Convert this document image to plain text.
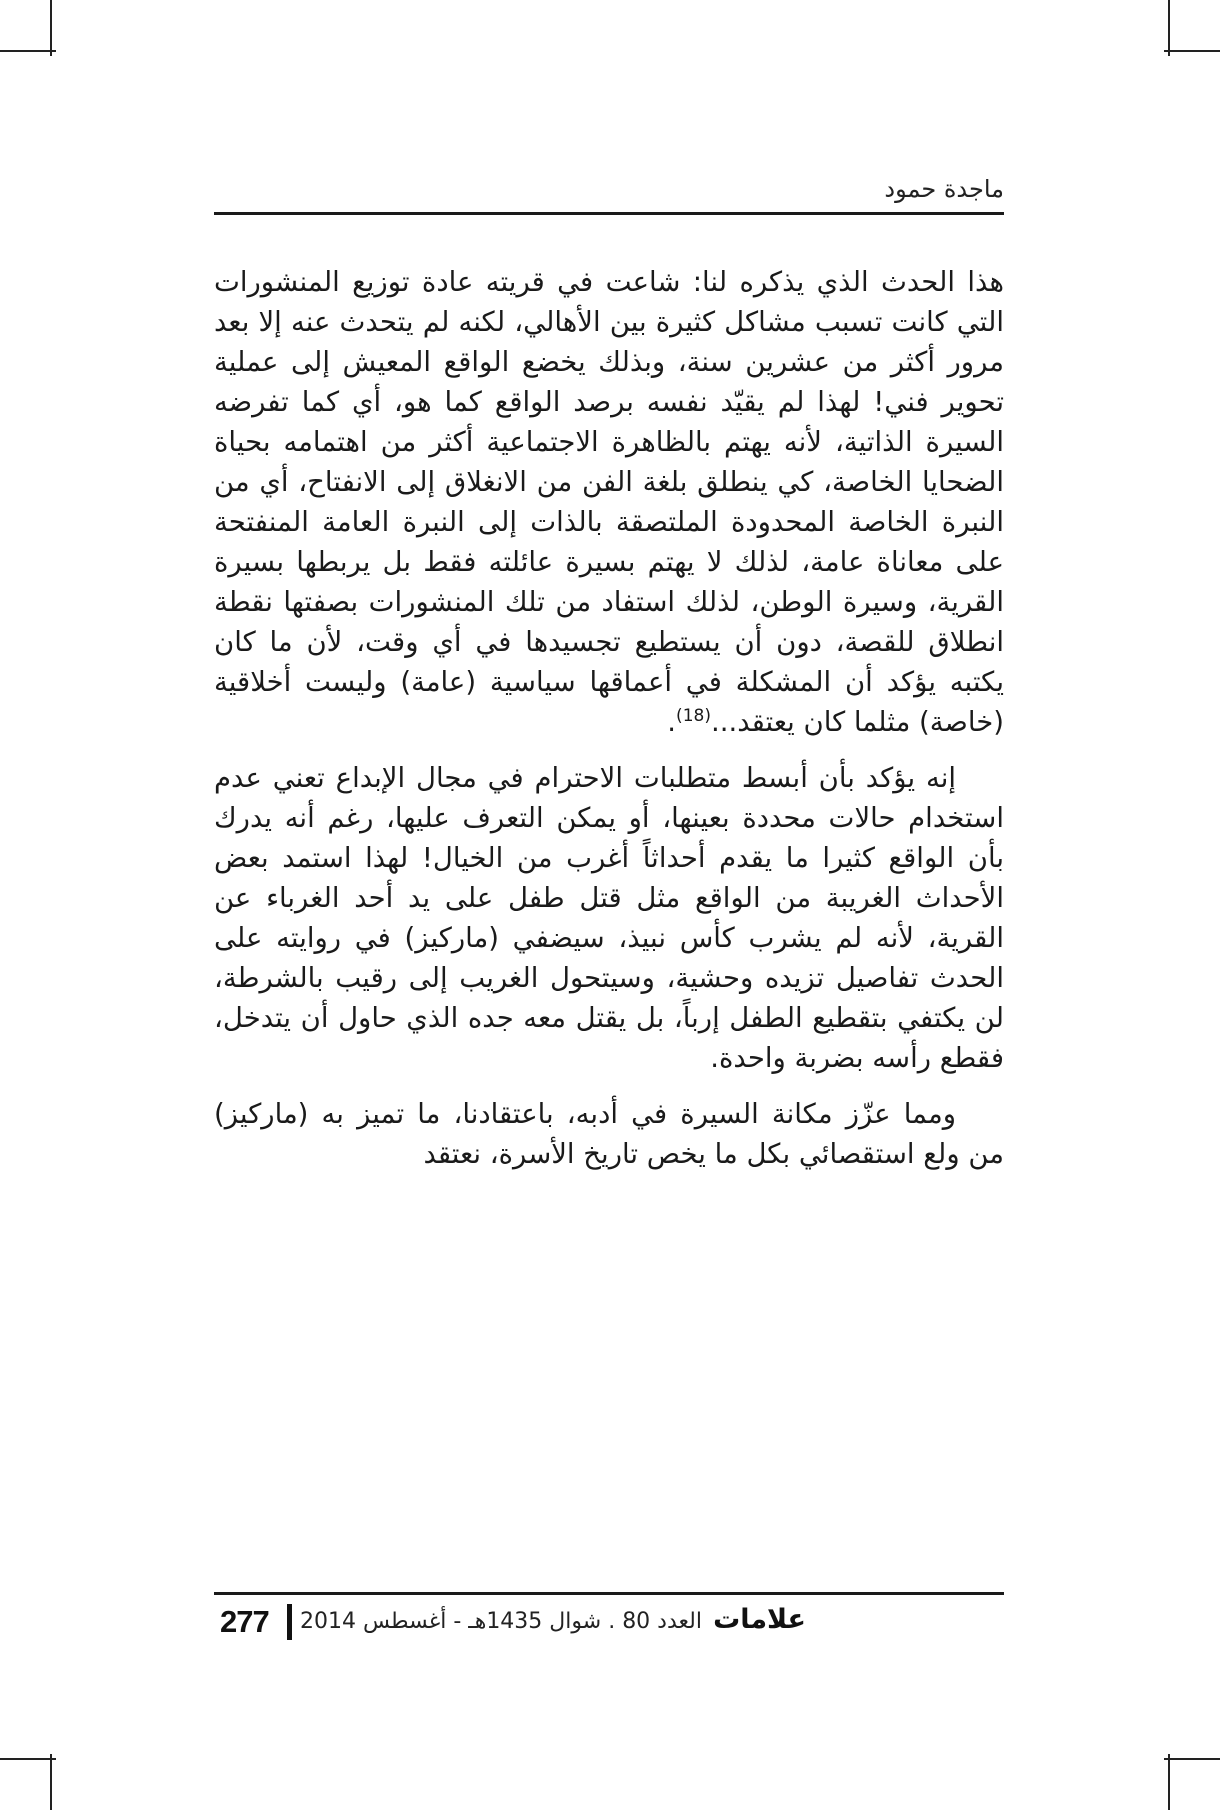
ماجدة حمود

هذا الحدث الذي يذكره لنا: شاعت في قريته عادة توزيع المنشورات التي كانت تسبب مشاكل كثيرة بين الأهالي، لكنه لم يتحدث عنه إلا بعد مرور أكثر من عشرين سنة، وبذلك يخضع الواقع المعيش إلى عملية تحوير فني! لهذا لم يقيّد نفسه برصد الواقع كما هو، أي كما تفرضه السيرة الذاتية، لأنه يهتم بالظاهرة الاجتماعية أكثر من اهتمامه بحياة الضحايا الخاصة، كي ينطلق بلغة الفن من الانغلاق إلى الانفتاح، أي من النبرة الخاصة المحدودة الملتصقة بالذات إلى النبرة العامة المنفتحة على معاناة عامة، لذلك لا يهتم بسيرة عائلته فقط بل يربطها بسيرة القرية، وسيرة الوطن، لذلك استفاد من تلك المنشورات بصفتها نقطة انطلاق للقصة، دون أن يستطيع تجسيدها في أي وقت، لأن ما كان يكتبه يؤكد أن المشكلة في أعماقها سياسية (عامة) وليست أخلاقية (خاصة) مثلما كان يعتقد...$^{(18)}$.

إنه يؤكد بأن أبسط متطلبات الاحترام في مجال الإبداع تعني عدم استخدام حالات محددة بعينها، أو يمكن التعرف عليها، رغم أنه يدرك بأن الواقع كثيرا ما يقدم أحداثاً أغرب من الخيال! لهذا استمد بعض الأحداث الغريبة من الواقع مثل قتل طفل على يد أحد الغرباء عن القرية، لأنه لم يشرب كأس نبيذ، سيضفي (ماركيز) في روايته على الحدث تفاصيل تزيده وحشية، وسيتحول الغريب إلى رقيب بالشرطة، لن يكتفي بتقطيع الطفل إرباً، بل يقتل معه جده الذي حاول أن يتدخل، فقطع رأسه بضربة واحدة.

ومما عزّز مكانة السيرة في أدبه، باعتقادنا، ما تميز به (ماركيز) من ولع استقصائي بكل ما يخص تاريخ الأسرة، نعتقد

277 العدد 80 . شوال 1435هـ - أغسطس 2014 علامات
